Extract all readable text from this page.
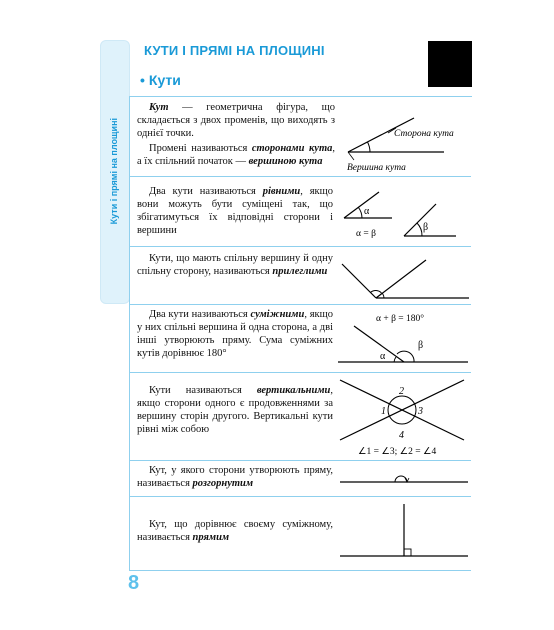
Кути і прямі на площині
КУТИ І ПРЯМІ НА ПЛОЩИНІ
• Кути

Кут — геометрична фігура, що складається з двох променів, що виходять з однієї точки.

Промені називаються сторонами кута, а їх спільний початок — вершиною кута

Сторона кута
Вершина кута

Два кути називаються рівними, якщо вони можуть бути суміщені так, що збігатимуться їх відповідні сторони і вершини

α
β
α = β

Кути, що мають спільну вершину й одну спільну сторону, називаються прилеглими

Два кути називаються суміжними, якщо у них спільні вершина й одна сторона, а дві інші утворюють пряму. Сума суміжних кутів дорівнює 180°	α
β
α + β = 180°

Кути називаються вертикальними, якщо сторони одного є продовженнями за вершину сторін другого. Вертикальні кути рівні між собою

2
1	3
4
∠1 = ∠3; ∠2 = ∠4

Кут, у якого сторони утворюють пряму, називається розгорнутим

Кут, що дорівнює своєму суміжному, називається прямим

8
